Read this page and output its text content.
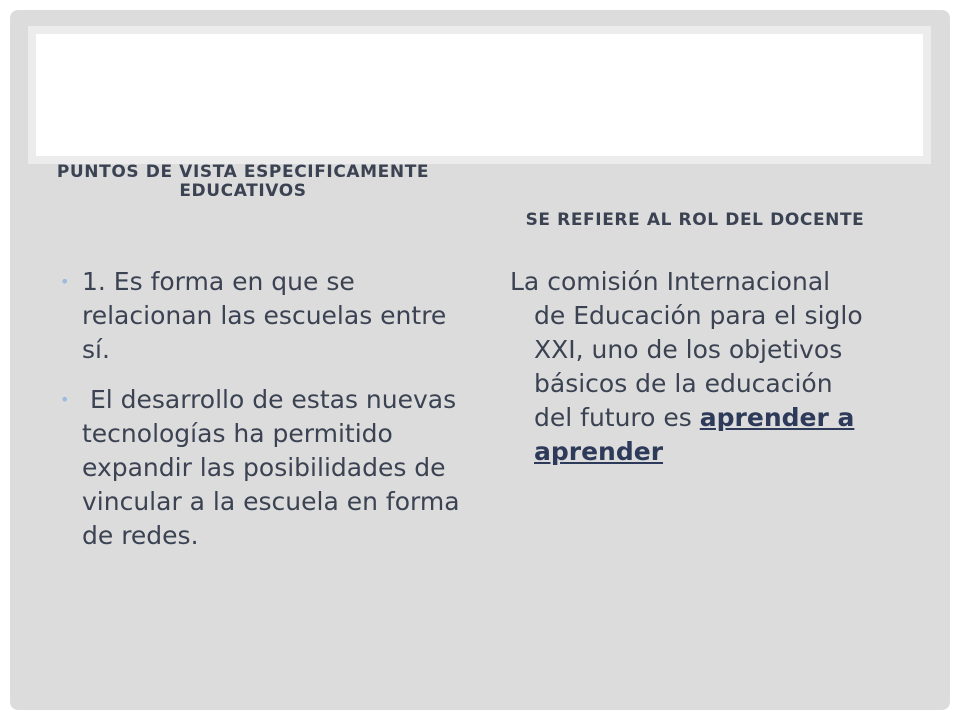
PUNTOS DE VISTA ESPECIFICAMENTE EDUCATIVOS
SE REFIERE AL ROL DEL DOCENTE
• 1. Es forma en que se relacionan las escuelas entre sí.
• El desarrollo de estas nuevas tecnologías ha permitido expandir las posibilidades de vincular a la escuela en forma de redes.
La comisión Internacional de Educación para el siglo XXI, uno de los objetivos básicos de la educación del futuro es aprender a aprender
